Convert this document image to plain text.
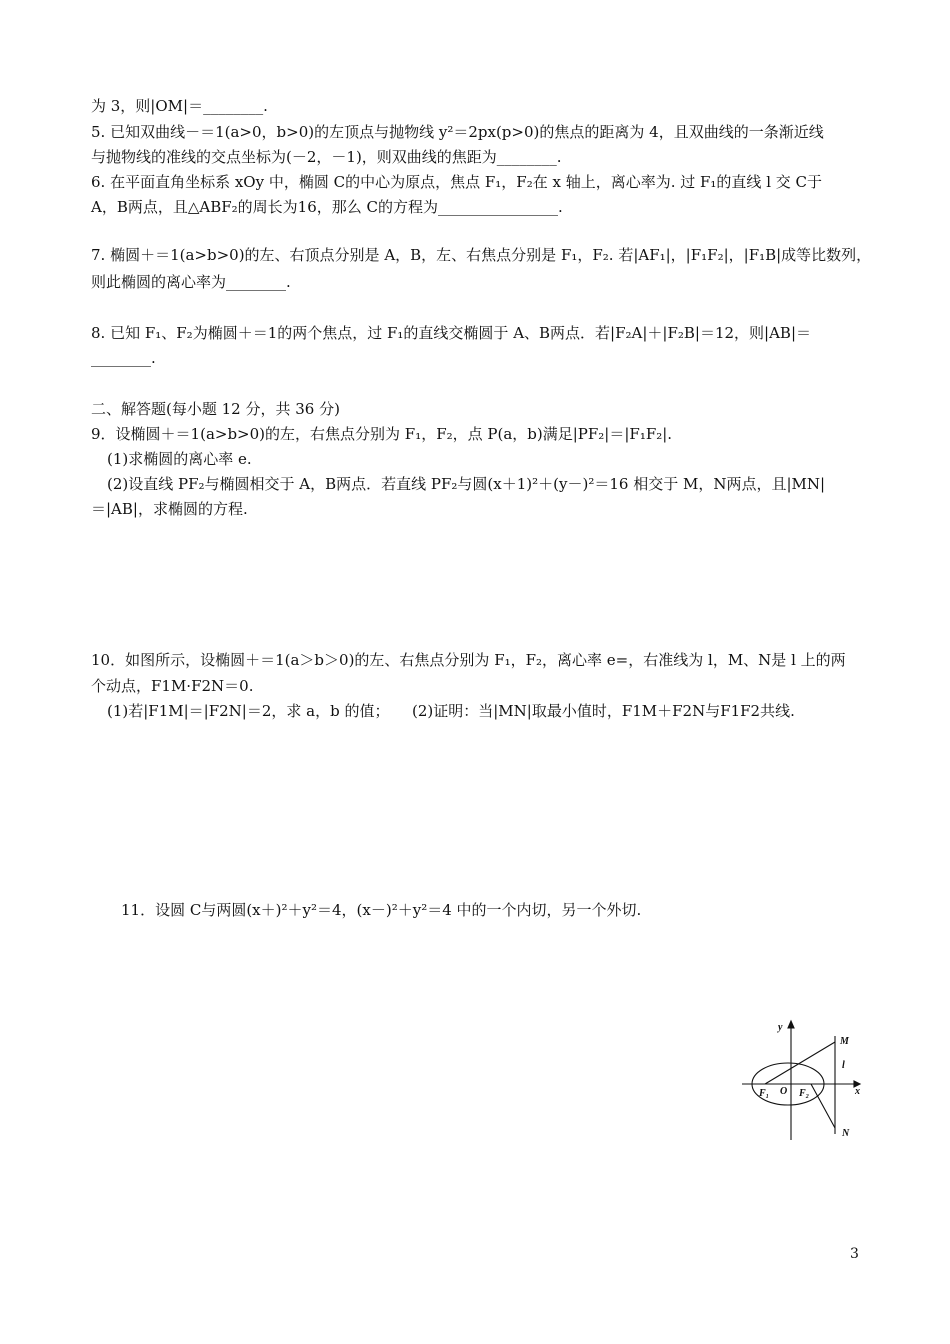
为 3，则|OM|＝________.
5. 已知双曲线－＝1(a>0，b>0)的左顶点与抛物线 y²＝2px(p>0)的焦点的距离为 4，且双曲线的一条渐近线
与抛物线的准线的交点坐标为(－2，－1)，则双曲线的焦距为________.
6. 在平面直角坐标系 xOy 中，椭圆 C的中心为原点，焦点 F₁，F₂在 x 轴上，离心率为. 过 F₁的直线 l 交 C于
A，B两点，且△ABF₂的周长为16，那么 C的方程为________________.
7. 椭圆＋＝1(a>b>0)的左、右顶点分别是 A，B，左、右焦点分别是 F₁，F₂. 若|AF₁|，|F₁F₂|，|F₁B|成等比数列，
则此椭圆的离心率为________.
8. 已知 F₁、F₂为椭圆＋＝1的两个焦点，过 F₁的直线交椭圆于 A、B两点．若|F₂A|＋|F₂B|＝12，则|AB|＝
________.
二、解答题(每小题 12 分，共 36 分)
9．设椭圆＋＝1(a>b>0)的左，右焦点分别为 F₁，F₂，点 P(a，b)满足|PF₂|＝|F₁F₂|.
(1)求椭圆的离心率 e.
(2)设直线 PF₂与椭圆相交于 A，B两点．若直线 PF₂与圆(x＋1)²＋(y－)²＝16 相交于 M，N两点，且|MN|
＝|AB|，求椭圆的方程.
10．如图所示，设椭圆＋＝1(a＞b＞0)的左、右焦点分别为 F₁，F₂，离心率 e=，右准线为 l，M、N是 l 上的两
个动点，F1M·F2N＝0.
(1)若|F1M|＝|F2N|＝2，求 a，b 的值；　　(2)证明：当|MN|取最小值时，F1M＋F2N与F1F2共线.
11．设圆 C与两圆(x＋)²＋y²＝4，(x－)²＋y²＝4 中的一个内切，另一个外切.
y
x
M
l
N
F₁ O F₂
3
